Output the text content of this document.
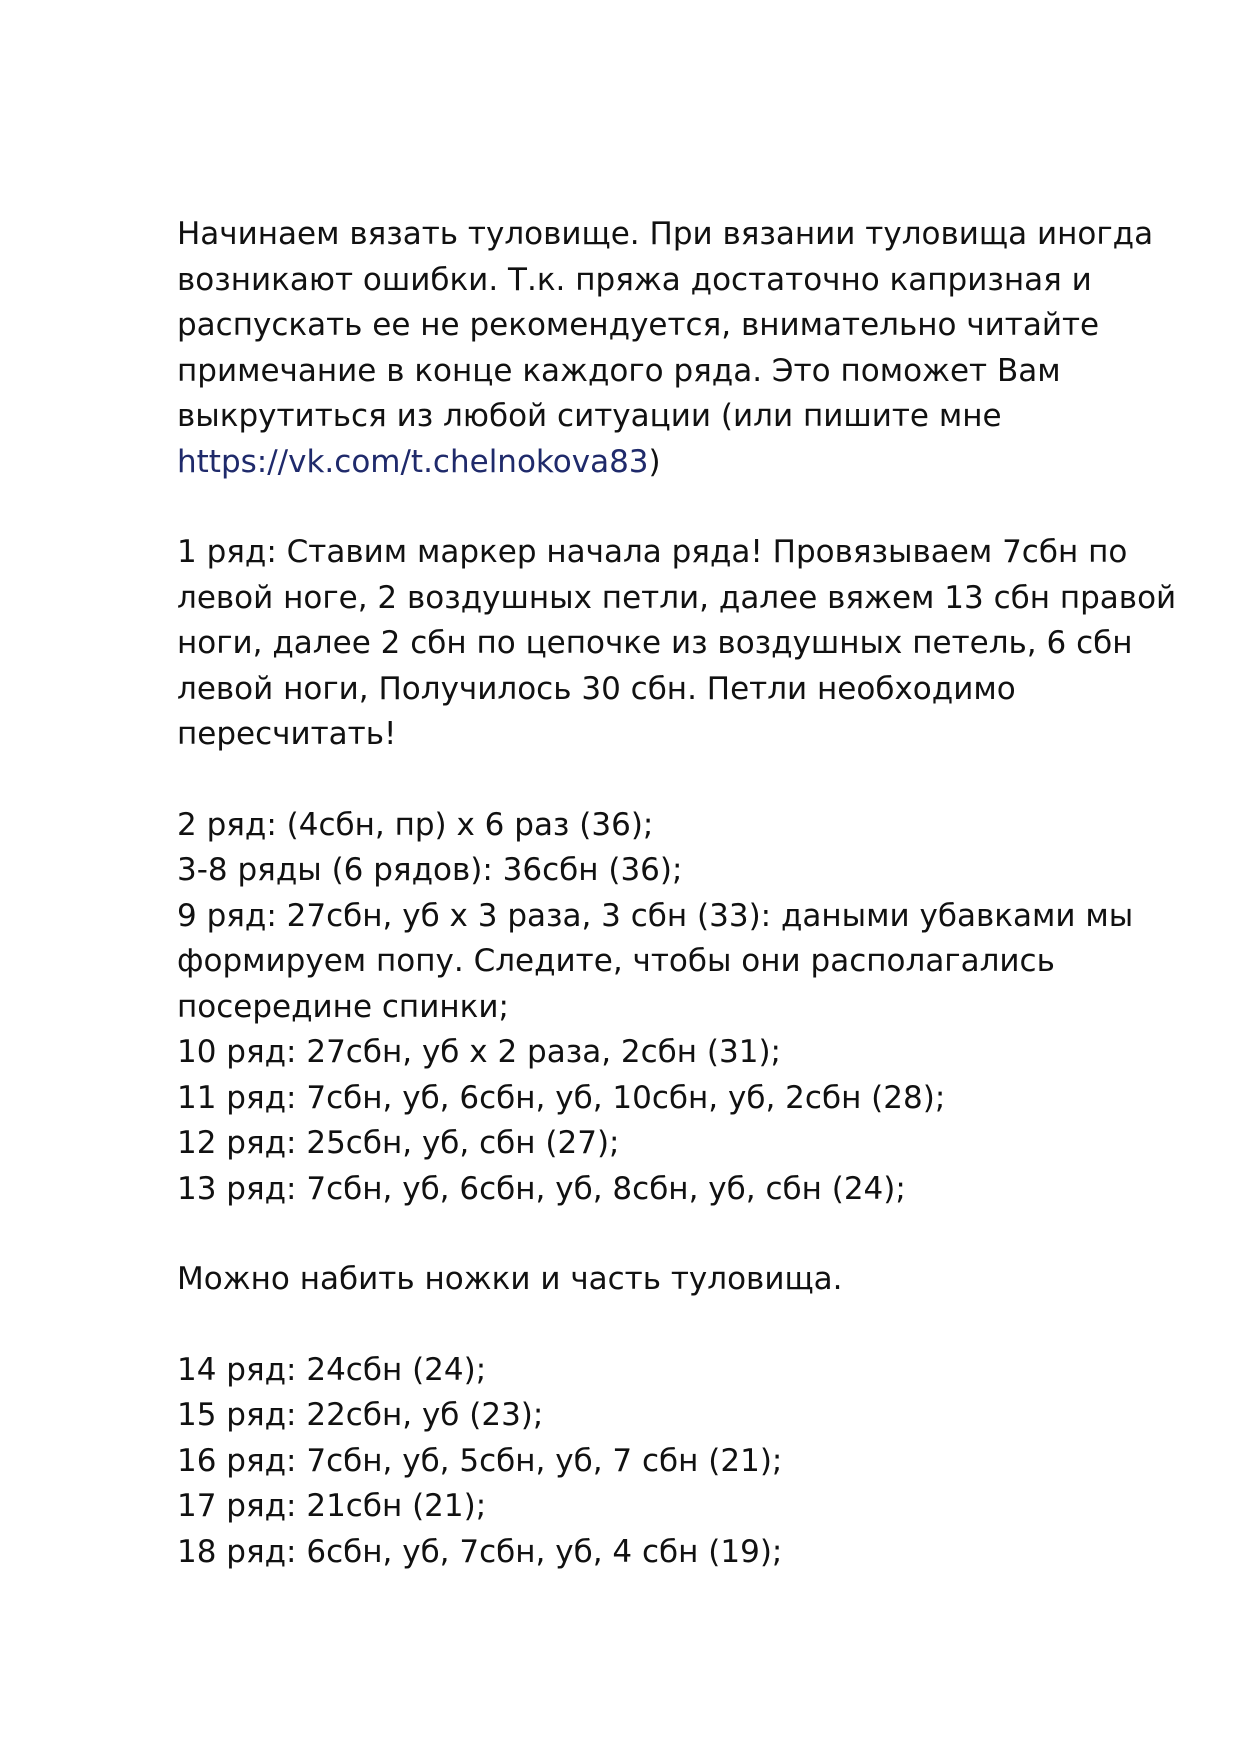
Начинаем вязать туловище. При вязании туловища иногда
возникают ошибки. Т.к. пряжа достаточно капризная и
распускать ее не рекомендуется, внимательно читайте
примечание в конце каждого ряда. Это поможет Вам
выкрутиться из любой ситуации (или пишите мне
https://vk.com/t.chelnokova83)
1 ряд: Ставим маркер начала ряда! Провязываем 7сбн по
левой ноге, 2 воздушных петли, далее вяжем 13 сбн правой
ноги, далее 2 сбн по цепочке из воздушных петель, 6 сбн
левой ноги, Получилось 30 сбн. Петли необходимо
пересчитать!
2 ряд: (4сбн, пр) х 6 раз (36);
3-8 ряды (6 рядов): 36сбн (36);
9 ряд: 27сбн, уб х 3 раза, 3 сбн (33): даными убавками мы
формируем попу. Следите, чтобы они располагались
посередине спинки;
10 ряд: 27сбн, уб х 2 раза, 2сбн (31);
11 ряд: 7сбн, уб, 6сбн, уб, 10сбн, уб, 2сбн (28);
12 ряд: 25сбн, уб, сбн (27);
13 ряд: 7сбн, уб, 6сбн, уб, 8сбн, уб, сбн (24);
Можно набить ножки и часть туловища.
14 ряд: 24сбн (24);
15 ряд: 22сбн, уб (23);
16 ряд: 7сбн, уб, 5сбн, уб, 7 сбн (21);
17 ряд: 21сбн (21);
18 ряд: 6сбн, уб, 7сбн, уб, 4 сбн (19);
